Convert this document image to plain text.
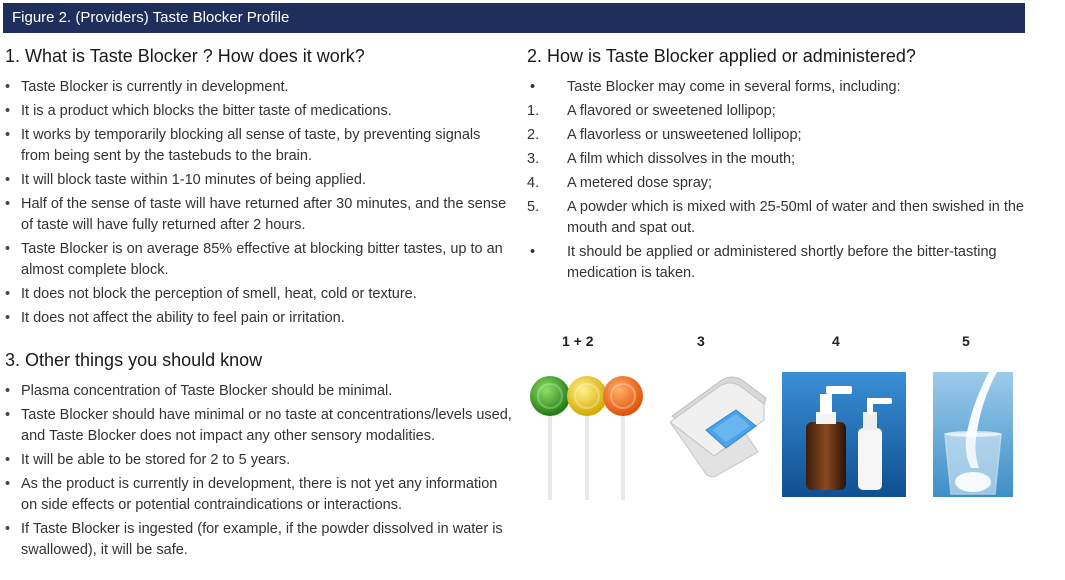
Figure 2. (Providers) Taste Blocker Profile
1. What is Taste Blocker ? How does it work?
• Taste Blocker is currently in development.
• It is a product which blocks the bitter taste of medications.
• It works by temporarily blocking all sense of taste, by preventing signals from being sent by the tastebuds to the brain.
• It will block taste within 1-10 minutes of being applied.
• Half of the sense of taste will have returned after 30 minutes, and the sense of taste will have fully returned after 2 hours.
• Taste Blocker is on average 85% effective at blocking bitter tastes, up to an almost complete block.
• It does not block the perception of smell, heat, cold or texture.
• It does not affect the ability to feel pain or irritation.
3. Other things you should know
• Plasma concentration of Taste Blocker should be minimal.
• Taste Blocker should have minimal or no taste at concentrations/levels used, and Taste Blocker does not impact any other sensory modalities.
• It will be able to be stored for 2 to 5 years.
• As the product is currently in development, there is not yet any information on side effects or potential contraindications or interactions.
• If Taste Blocker is ingested (for example, if the powder dissolved in water is swallowed), it will be safe.
2. How is Taste Blocker applied or administered?
•	Taste Blocker may come in several forms, including:
1.	A flavored or sweetened lollipop;
2.	A flavorless or unsweetened lollipop;
3.	A film which dissolves in the mouth;
4.	A metered dose spray;
5.	A powder which is mixed with 25-50ml of water and then swished in the mouth and spat out.
•	It should be applied or administered shortly before the bitter-tasting medication is taken.
1 + 2	3	4	5
